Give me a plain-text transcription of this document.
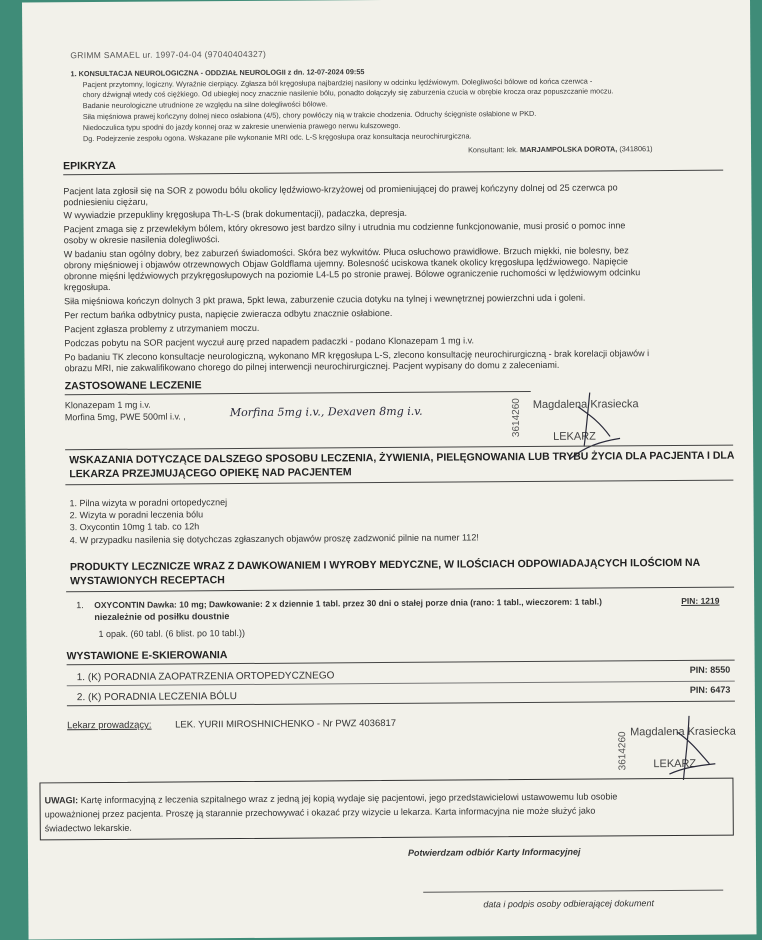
GRIMM SAMAEL ur. 1997-04-04 (97040404327)
1. KONSULTACJA NEUROLOGICZNA - ODDZIAŁ NEUROLOGII z dn. 12-07-2024 09:55
Pacjent przytomny, logiczny. Wyraźnie cierpiący. Zgłasza ból kręgosłupa najbardziej nasilony w odcinku lędźwiowym. Dolegliwości bólowe od końca czerwca -
chory dźwignął wtedy coś ciężkiego. Od ubiegłej nocy znacznie nasilenie bólu, ponadto dołączyły się zaburzenia czucia w obrębie krocza oraz popuszczanie moczu.
Badanie neurologiczne utrudnione ze względu na silne dolegliwości bólowe.
Siła mięśniowa prawej kończyny dolnej nieco osłabiona (4/5), chory powłóczy nią w trakcie chodzenia. Odruchy ścięgniste osłabione w PKD.
Niedoczulica typu spodni do jazdy konnej oraz w zakresie unerwienia prawego nerwu kulszowego.
Dg. Podejrzenie zespołu ogona. Wskazane pile wykonanie MRI odc. L-S kręgosłupa oraz konsultacja neurochirurgiczna.
Konsultant: lek. MARJAMPOLSKA DOROTA, (3418061)
EPIKRYZA
Pacjent lata zgłosił się na SOR z powodu bólu okolicy lędźwiowo-krzyżowej od promieniującej do prawej kończyny dolnej od 25 czerwca po
podniesieniu ciężaru,
W wywiadzie przepukliny kręgosłupa Th-L-S (brak dokumentacji), padaczka, depresja.
Pacjent zmaga się z przewlekłym bólem, który okresowo jest bardzo silny i utrudnia mu codzienne funkcjonowanie, musi prosić o pomoc inne
osoby w okresie nasilenia dolegliwości.
W badaniu stan ogólny dobry, bez zaburzeń świadomości. Skóra bez wykwitów. Płuca osłuchowo prawidłowe. Brzuch miękki, nie bolesny, bez
obrony mięśniowej i objawów otrzewnowych Objaw Goldflama ujemny. Bolesność uciskowa tkanek okolicy kręgosłupa lędźwiowego. Napięcie
obronne mięśni lędźwiowych przykręgosłupowych na poziomie L4-L5 po stronie prawej. Bólowe ograniczenie ruchomości w lędźwiowym odcinku
kręgosłupa.
Siła mięśniowa kończyn dolnych 3 pkt prawa, 5pkt lewa, zaburzenie czucia dotyku na tylnej i wewnętrznej powierzchni uda i goleni.
Per rectum bańka odbytnicy pusta, napięcie zwieracza odbytu znacznie osłabione.
Pacjent zgłasza problemy z utrzymaniem moczu.
Podczas pobytu na SOR pacjent wyczuł aurę przed napadem padaczki - podano Klonazepam 1 mg i.v.
Po badaniu TK zlecono konsultacje neurologiczną, wykonano MR kręgosłupa L-S, zlecono konsultację neurochirurgiczną - brak korelacji objawów i
obrazu MRI, nie zakwalifikowano chorego do pilnej interwencji neurochirurgicznej. Pacjent wypisany do domu z zaleceniami.
ZASTOSOWANE LECZENIE
Klonazepam 1 mg i.v.
Morfina 5mg, PWE 500ml i.v. ,	Morfina 5mg i.v., Dexaven 8mg i.v.	3614260 Magdalena Krasiecka
LEKARZ
WSKAZANIA DOTYCZĄCE DALSZEGO SPOSOBU LECZENIA, ŻYWIENIA, PIELĘGNOWANIA LUB TRYBU ŻYCIA DLA PACJENTA I DLA
LEKARZA PRZEJMUJĄCEGO OPIEKĘ NAD PACJENTEM
1. Pilna wizyta w poradni ortopedycznej
2. Wizyta w poradni leczenia bólu
3. Oxycontin 10mg 1 tab. co 12h
4. W przypadku nasilenia się dotychczas zgłaszanych objawów proszę zadzwonić pilnie na numer 112!
PRODUKTY LECZNICZE WRAZ Z DAWKOWANIEM I WYROBY MEDYCZNE, W ILOŚCIACH ODPOWIADAJĄCYCH ILOŚCIOM NA
WYSTAWIONYCH RECEPTACH
1. OXYCONTIN Dawka: 10 mg; Dawkowanie: 2 x dziennie 1 tabl. przez 30 dni o stałej porze dnia (rano: 1 tabl., wieczorem: 1 tabl.)	PIN: 1219
niezależnie od posiłku doustnie
1 opak. (60 tabl. (6 blist. po 10 tabl.))
WYSTAWIONE E-SKIEROWANIA
1. (K) PORADNIA ZAOPATRZENIA ORTOPEDYCZNEGO
PIN: 8550
2. (K) PORADNIA LECZENIA BÓLU
PIN: 6473
Lekarz prowadzący: LEK. YURII MIROSHNICHENKO - Nr PWZ 4036817
3614260 Magdalena Krasiecka
LEKARZ
UWAGI: Kartę informacyjną z leczenia szpitalnego wraz z jedną jej kopią wydaje się pacjentowi, jego przedstawicielowi ustawowemu lub osobie
upoważnionej przez pacjenta. Proszę ją starannie przechowywać i okazać przy wizycie u lekarza. Karta informacyjna nie może służyć jako
świadectwo lekarskie.
Potwierdzam odbiór Karty Informacyjnej
data i podpis osoby odbierającej dokument
